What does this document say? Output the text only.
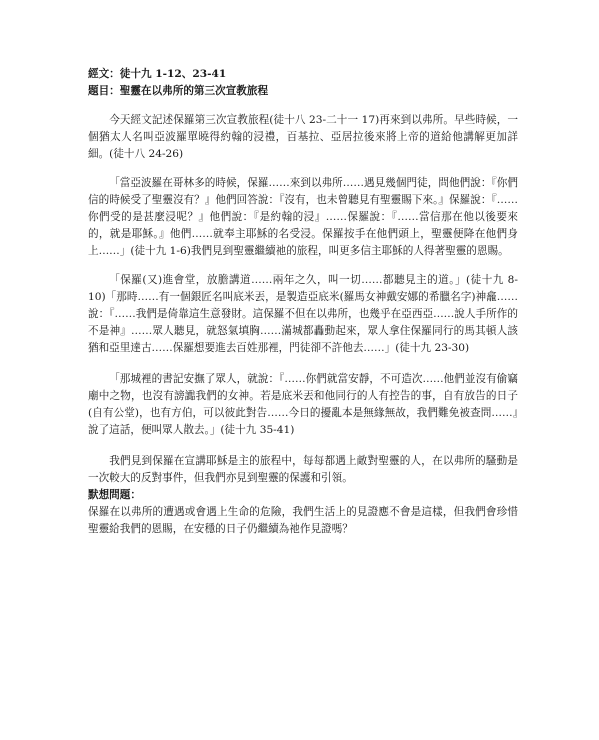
經文：徒十九 1-12、23-41

題目：聖靈在以弗所的第三次宣教旅程

今天經文記述保羅第三次宣教旅程(徒十八 23-二十一 17)再來到以弗所。早些時候，一個猶太人名叫亞波羅單曉得約翰的浸禮，百基拉、亞居拉後來將上帝的道給他講解更加詳細。(徒十八 24-26)

「當亞波羅在哥林多的時候，保羅……來到以弗所……遇見幾個門徒，問他們說：『你們信的時候受了聖靈沒有？』他們回答說：『沒有，也未曾聽見有聖靈賜下來。』保羅說：『……你們受的是甚麼浸呢？』他們說：『是約翰的浸』……保羅說：『……當信那在他以後要來的，就是耶穌。』他們……就奉主耶穌的名受浸。保羅按手在他們頭上，聖靈便降在他們身上……」(徒十九 1-6)我們見到聖靈繼續祂的旅程，叫更多信主耶穌的人得著聖靈的恩賜。

「保羅(又)進會堂，放膽講道……兩年之久，叫一切……都聽見主的道。」(徒十九 8-10)「那時……有一個銀匠名叫底米丟，是製造亞底米(羅馬女神戴安娜的希臘名字)神龕……說：『……我們是倚靠這生意發財。這保羅不但在以弗所，也幾乎在亞西亞……說人手所作的不是神』……眾人聽見，就怒氣填胸……滿城都轟動起來，眾人拿住保羅同行的馬其頓人該猶和亞里達古……保羅想要進去百姓那裡，門徒卻不許他去……」(徒十九 23-30)

「那城裡的書記安撫了眾人，就說：『……你們就當安靜，不可造次……他們並沒有偷竊廟中之物，也沒有謗讟我們的女神。若是底米丟和他同行的人有控告的事，自有放告的日子(自有公堂)，也有方伯，可以彼此對告……今日的擾亂本是無緣無故，我們難免被查問……』說了這話，便叫眾人散去。」(徒十九 35-41)

我們見到保羅在宣講耶穌是主的旅程中，每每都遇上敵對聖靈的人，在以弗所的騷動是一次較大的反對事件，但我們亦見到聖靈的保護和引領。

默想問題：

保羅在以弗所的遭遇或會遇上生命的危險，我們生活上的見證應不會是這樣，但我們會珍惜聖靈給我們的恩賜，在安穩的日子仍繼續為祂作見證嗎？
